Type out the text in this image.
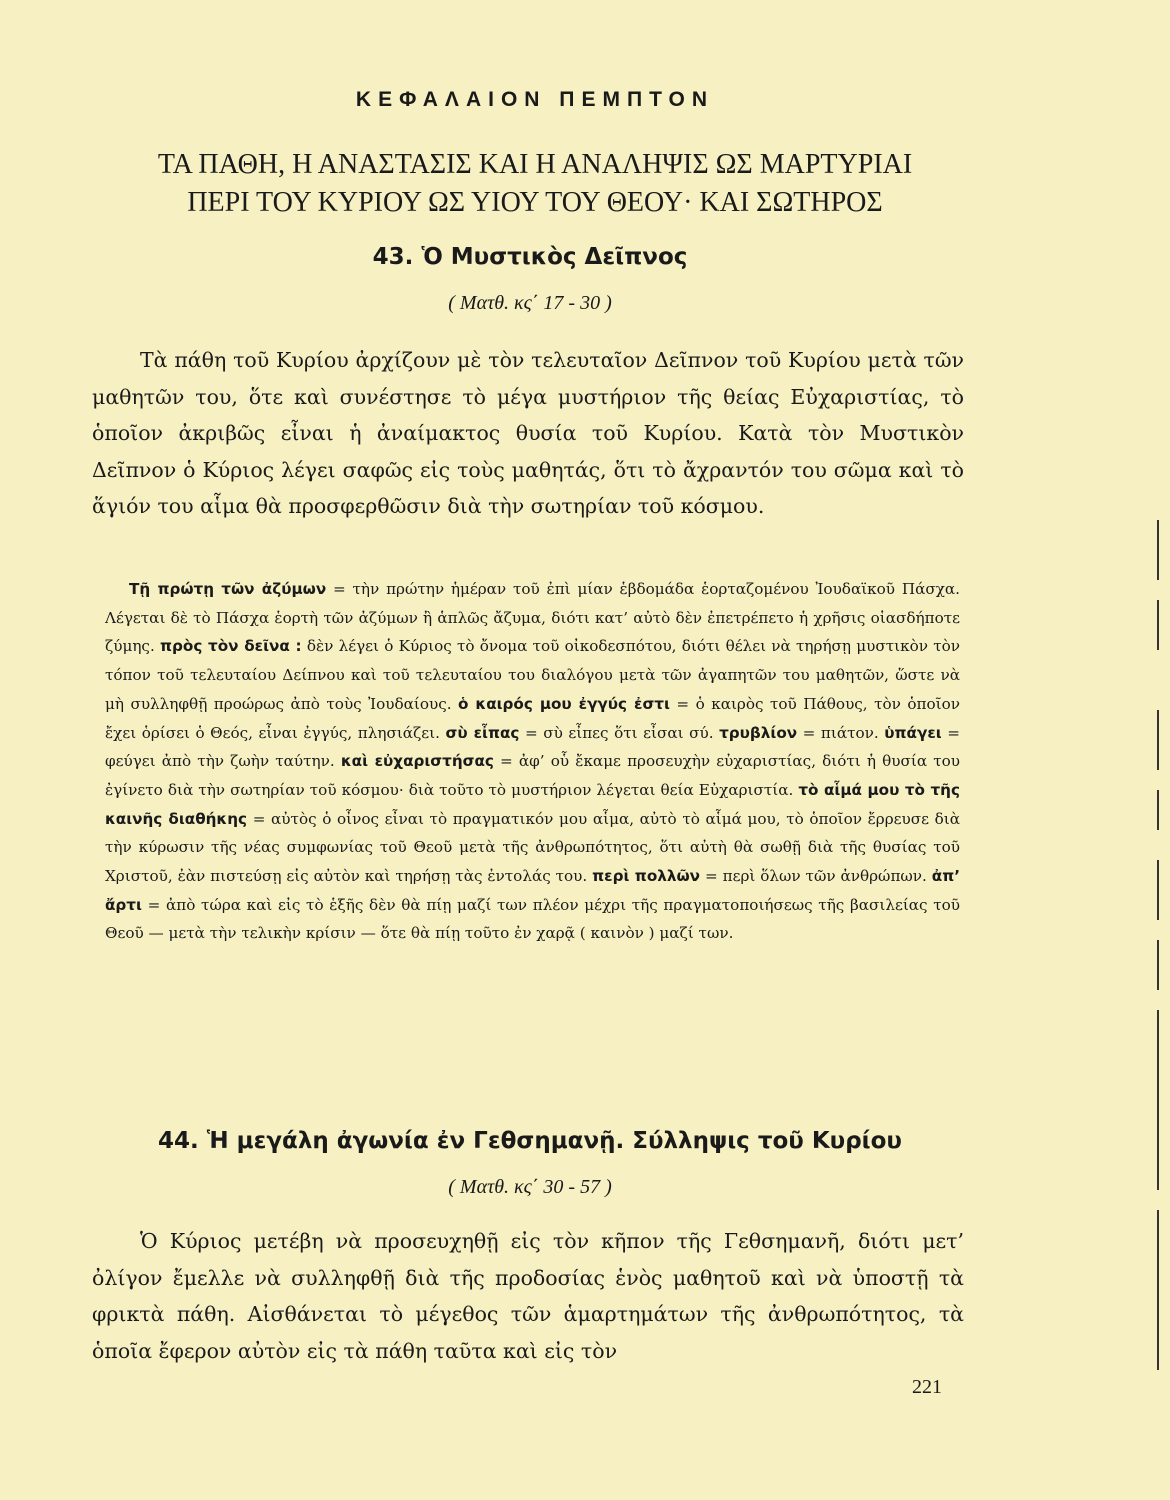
ΚΕΦΑΛΑΙΟΝ ΠΕΜΠΤΟΝ
ΤΑ ΠΑΘΗ, Η ΑΝΑΣΤΑΣΙΣ ΚΑΙ Η ΑΝΑΛΗΨΙΣ ΩΣ ΜΑΡΤΥΡΙΑΙ
ΠΕΡΙ ΤΟΥ ΚΥΡΙΟΥ ΩΣ ΥΙΟΥ ΤΟΥ ΘΕΟΥ· ΚΑΙ ΣΩΤΗΡΟΣ
43. Ὁ Μυστικὸς Δεῖπνος
( Ματθ. κς΄ 17 - 30 )

Τὰ πάθη τοῦ Κυρίου ἀρχίζουν μὲ τὸν τελευταῖον Δεῖπνον τοῦ Κυρίου μετὰ τῶν μαθητῶν του, ὅτε καὶ συνέστησε τὸ μέγα μυστήριον τῆς θείας Εὐχαριστίας, τὸ ὁποῖον ἀκριβῶς εἶναι ἡ ἀναίμακτος θυσία τοῦ Κυρίου. Κατὰ τὸν Μυστικὸν Δεῖπνον ὁ Κύριος λέγει σαφῶς εἰς τοὺς μαθητάς, ὅτι τὸ ἄχραντόν του σῶμα καὶ τὸ ἅγιόν του αἷμα θὰ προσφερθῶσιν διὰ τὴν σωτηρίαν τοῦ κόσμου.

Τῇ πρώτῃ τῶν ἀζύμων = τὴν πρώτην ἡμέραν τοῦ ἐπὶ μίαν ἑβδομάδα ἑορταζομένου Ἰουδαϊκοῦ Πάσχα. Λέγεται δὲ τὸ Πάσχα ἑορτὴ τῶν ἀζύμων ἢ ἁπλῶς ἄζυμα, διότι κατ’ αὐτὸ δὲν ἐπετρέπετο ἡ χρῆσις οἱασδήποτε ζύμης. πρὸς τὸν δεῖνα : δὲν λέγει ὁ Κύριος τὸ ὄνομα τοῦ οἰκοδεσπότου, διότι θέλει νὰ τηρήσῃ μυστικὸν τὸν τόπον τοῦ τελευταίου Δείπνου καὶ τοῦ τελευταίου του διαλόγου μετὰ τῶν ἀγαπητῶν του μαθητῶν, ὥστε νὰ μὴ συλληφθῇ προώρως ἀπὸ τοὺς Ἰουδαίους. ὁ καιρός μου ἐγγύς ἐστι = ὁ καιρὸς τοῦ Πάθους, τὸν ὁποῖον ἔχει ὁρίσει ὁ Θεός, εἶναι ἐγγύς, πλησιάζει. σὺ εἶπας = σὺ εἶπες ὅτι εἶσαι σύ. τρυβλίον = πιάτον. ὑπάγει = φεύγει ἀπὸ τὴν ζωὴν ταύτην. καὶ εὐχαριστήσας = ἀφ’ οὗ ἔκαμε προσευχὴν εὐχαριστίας, διότι ἡ θυσία του ἐγίνετο διὰ τὴν σωτηρίαν τοῦ κόσμου· διὰ τοῦτο τὸ μυστήριον λέγεται θεία Εὐχαριστία. τὸ αἷμά μου τὸ τῆς καινῆς διαθήκης = αὐτὸς ὁ οἶνος εἶναι τὸ πραγματικόν μου αἷμα, αὐτὸ τὸ αἷμά μου, τὸ ὁποῖον ἔρρευσε διὰ τὴν κύρωσιν τῆς νέας συμφωνίας τοῦ Θεοῦ μετὰ τῆς ἀνθρωπότητος, ὅτι αὐτὴ θὰ σωθῇ διὰ τῆς θυσίας τοῦ Χριστοῦ, ἐὰν πιστεύσῃ εἰς αὐτὸν καὶ τηρήσῃ τὰς ἐντολάς του. περὶ πολλῶν = περὶ ὅλων τῶν ἀνθρώπων. ἀπ’ ἄρτι = ἀπὸ τώρα καὶ εἰς τὸ ἑξῆς δὲν θὰ πίῃ μαζί των πλέον μέχρι τῆς πραγματοποιήσεως τῆς βασιλείας τοῦ Θεοῦ — μετὰ τὴν τελικὴν κρίσιν — ὅτε θὰ πίῃ τοῦτο ἐν χαρᾷ ( καινὸν ) μαζί των.

44. Ἡ μεγάλη ἀγωνία ἐν Γεθσημανῇ. Σύλληψις τοῦ Κυρίου
( Ματθ. κς΄ 30 - 57 )

Ὁ Κύριος μετέβη νὰ προσευχηθῇ εἰς τὸν κῆπον τῆς Γεθσημανῆ, διότι μετ’ ὀλίγον ἔμελλε νὰ συλληφθῇ διὰ τῆς προδοσίας ἑνὸς μαθητοῦ καὶ νὰ ὑποστῇ τὰ φρικτὰ πάθη. Αἰσθάνεται τὸ μέγεθος τῶν ἁμαρτημάτων τῆς ἀνθρωπότητος, τὰ ὁποῖα ἔφερον αὐτὸν εἰς τὰ πάθη ταῦτα καὶ εἰς τὸν

221
